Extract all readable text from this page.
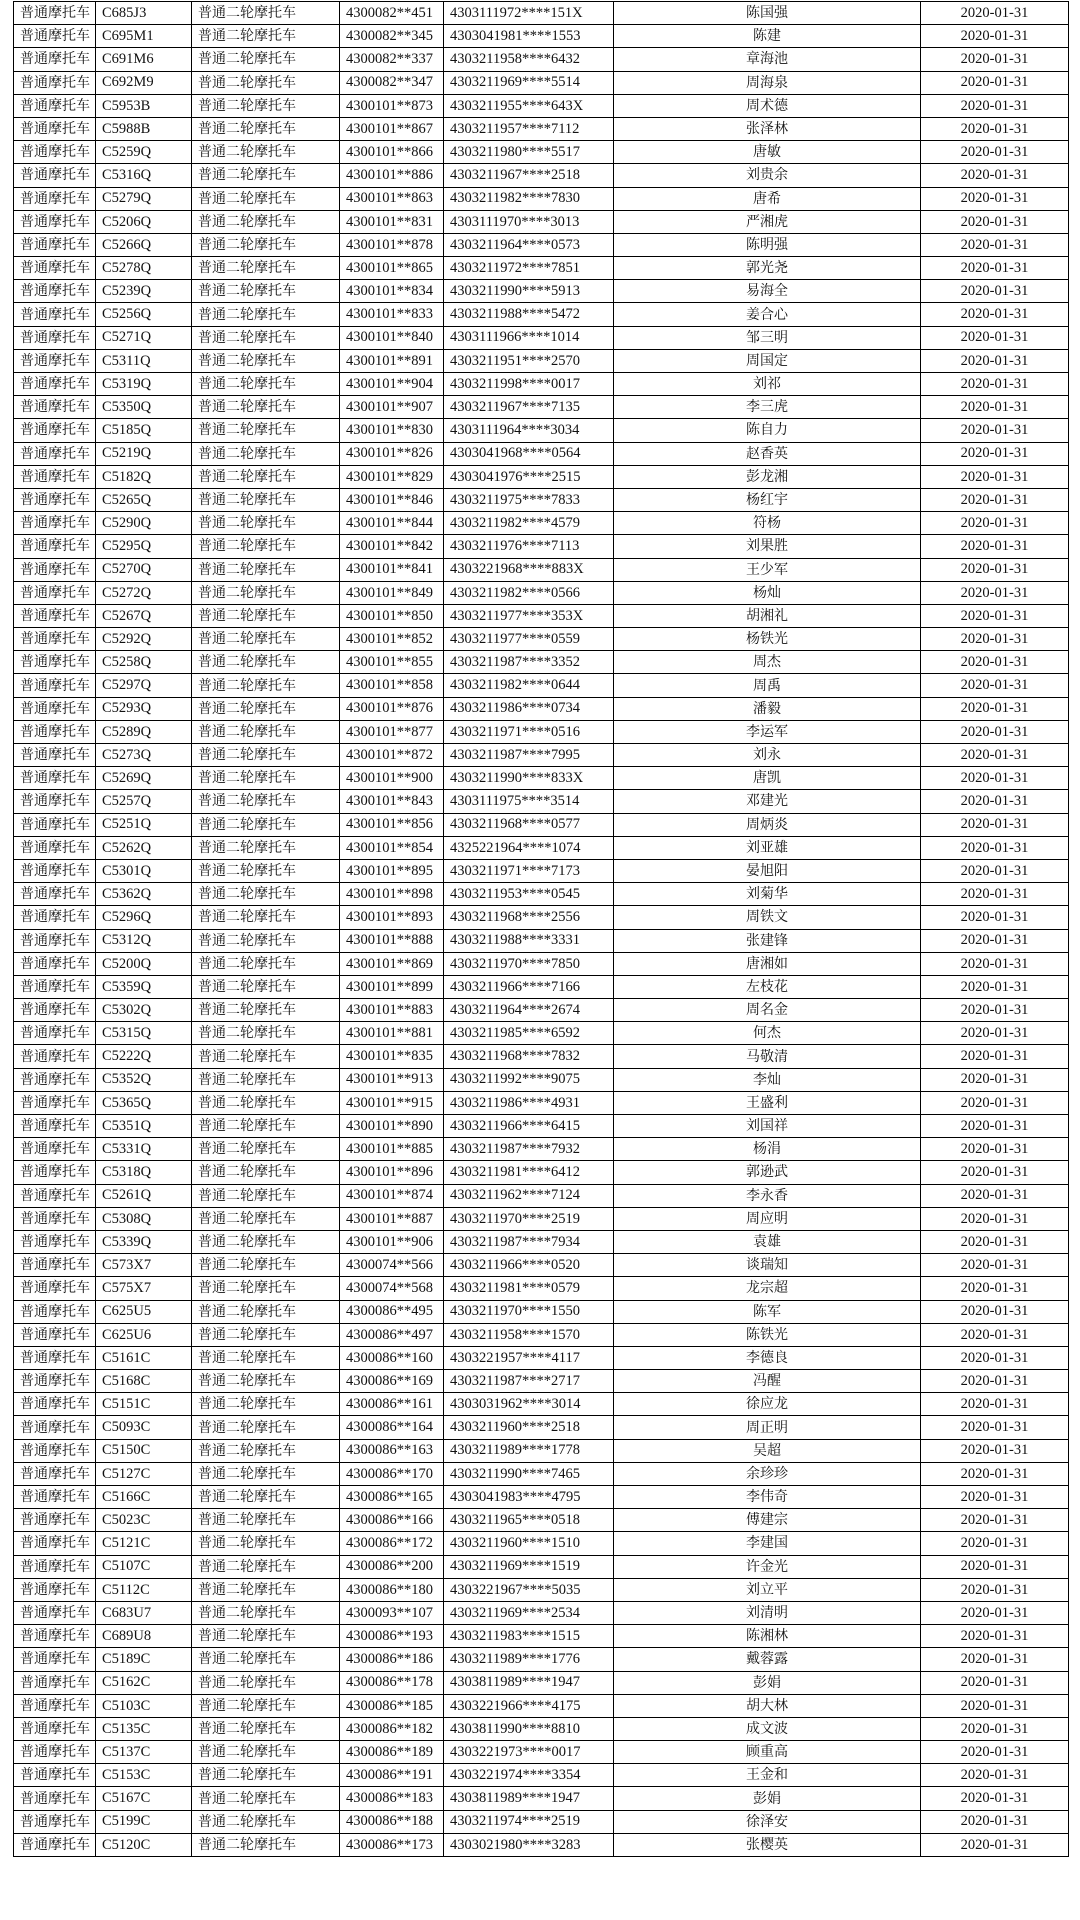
普通摩托车	C685J3	普通二轮摩托车	4300082**451	4303111972****151X	陈国强	2020-01-31
普通摩托车	C695M1	普通二轮摩托车	4300082**345	4303041981****1553	陈建	2020-01-31
普通摩托车	C691M6	普通二轮摩托车	4300082**337	4303211958****6432	章海池	2020-01-31
普通摩托车	C692M9	普通二轮摩托车	4300082**347	4303211969****5514	周海泉	2020-01-31
普通摩托车	C5953B	普通二轮摩托车	4300101**873	4303211955****643X	周术德	2020-01-31
普通摩托车	C5988B	普通二轮摩托车	4300101**867	4303211957****7112	张泽林	2020-01-31
普通摩托车	C5259Q	普通二轮摩托车	4300101**866	4303211980****5517	唐敏	2020-01-31
普通摩托车	C5316Q	普通二轮摩托车	4300101**886	4303211967****2518	刘贵余	2020-01-31
普通摩托车	C5279Q	普通二轮摩托车	4300101**863	4303211982****7830	唐希	2020-01-31
普通摩托车	C5206Q	普通二轮摩托车	4300101**831	4303111970****3013	严湘虎	2020-01-31
普通摩托车	C5266Q	普通二轮摩托车	4300101**878	4303211964****0573	陈明强	2020-01-31
普通摩托车	C5278Q	普通二轮摩托车	4300101**865	4303211972****7851	郭光尧	2020-01-31
普通摩托车	C5239Q	普通二轮摩托车	4300101**834	4303211990****5913	易海全	2020-01-31
普通摩托车	C5256Q	普通二轮摩托车	4300101**833	4303211988****5472	姜合心	2020-01-31
普通摩托车	C5271Q	普通二轮摩托车	4300101**840	4303111966****1014	邹三明	2020-01-31
普通摩托车	C5311Q	普通二轮摩托车	4300101**891	4303211951****2570	周国定	2020-01-31
普通摩托车	C5319Q	普通二轮摩托车	4300101**904	4303211998****0017	刘祁	2020-01-31
普通摩托车	C5350Q	普通二轮摩托车	4300101**907	4303211967****7135	李三虎	2020-01-31
普通摩托车	C5185Q	普通二轮摩托车	4300101**830	4303111964****3034	陈自力	2020-01-31
普通摩托车	C5219Q	普通二轮摩托车	4300101**826	4303041968****0564	赵香英	2020-01-31
普通摩托车	C5182Q	普通二轮摩托车	4300101**829	4303041976****2515	彭龙湘	2020-01-31
普通摩托车	C5265Q	普通二轮摩托车	4300101**846	4303211975****7833	杨红宇	2020-01-31
普通摩托车	C5290Q	普通二轮摩托车	4300101**844	4303211982****4579	符杨	2020-01-31
普通摩托车	C5295Q	普通二轮摩托车	4300101**842	4303211976****7113	刘果胜	2020-01-31
普通摩托车	C5270Q	普通二轮摩托车	4300101**841	4303221968****883X	王少军	2020-01-31
普通摩托车	C5272Q	普通二轮摩托车	4300101**849	4303211982****0566	杨灿	2020-01-31
普通摩托车	C5267Q	普通二轮摩托车	4300101**850	4303211977****353X	胡湘礼	2020-01-31
普通摩托车	C5292Q	普通二轮摩托车	4300101**852	4303211977****0559	杨铁光	2020-01-31
普通摩托车	C5258Q	普通二轮摩托车	4300101**855	4303211987****3352	周杰	2020-01-31
普通摩托车	C5297Q	普通二轮摩托车	4300101**858	4303211982****0644	周禹	2020-01-31
普通摩托车	C5293Q	普通二轮摩托车	4300101**876	4303211986****0734	潘毅	2020-01-31
普通摩托车	C5289Q	普通二轮摩托车	4300101**877	4303211971****0516	李运军	2020-01-31
普通摩托车	C5273Q	普通二轮摩托车	4300101**872	4303211987****7995	刘永	2020-01-31
普通摩托车	C5269Q	普通二轮摩托车	4300101**900	4303211990****833X	唐凯	2020-01-31
普通摩托车	C5257Q	普通二轮摩托车	4300101**843	4303111975****3514	邓建光	2020-01-31
普通摩托车	C5251Q	普通二轮摩托车	4300101**856	4303211968****0577	周炳炎	2020-01-31
普通摩托车	C5262Q	普通二轮摩托车	4300101**854	4325221964****1074	刘亚雄	2020-01-31
普通摩托车	C5301Q	普通二轮摩托车	4300101**895	4303211971****7173	晏旭阳	2020-01-31
普通摩托车	C5362Q	普通二轮摩托车	4300101**898	4303211953****0545	刘菊华	2020-01-31
普通摩托车	C5296Q	普通二轮摩托车	4300101**893	4303211968****2556	周铁文	2020-01-31
普通摩托车	C5312Q	普通二轮摩托车	4300101**888	4303211988****3331	张建锋	2020-01-31
普通摩托车	C5200Q	普通二轮摩托车	4300101**869	4303211970****7850	唐湘如	2020-01-31
普通摩托车	C5359Q	普通二轮摩托车	4300101**899	4303211966****7166	左枝花	2020-01-31
普通摩托车	C5302Q	普通二轮摩托车	4300101**883	4303211964****2674	周名金	2020-01-31
普通摩托车	C5315Q	普通二轮摩托车	4300101**881	4303211985****6592	何杰	2020-01-31
普通摩托车	C5222Q	普通二轮摩托车	4300101**835	4303211968****7832	马敬清	2020-01-31
普通摩托车	C5352Q	普通二轮摩托车	4300101**913	4303211992****9075	李灿	2020-01-31
普通摩托车	C5365Q	普通二轮摩托车	4300101**915	4303211986****4931	王盛利	2020-01-31
普通摩托车	C5351Q	普通二轮摩托车	4300101**890	4303211966****6415	刘国祥	2020-01-31
普通摩托车	C5331Q	普通二轮摩托车	4300101**885	4303211987****7932	杨涓	2020-01-31
普通摩托车	C5318Q	普通二轮摩托车	4300101**896	4303211981****6412	郭逊武	2020-01-31
普通摩托车	C5261Q	普通二轮摩托车	4300101**874	4303211962****7124	李永香	2020-01-31
普通摩托车	C5308Q	普通二轮摩托车	4300101**887	4303211970****2519	周应明	2020-01-31
普通摩托车	C5339Q	普通二轮摩托车	4300101**906	4303211987****7934	袁雄	2020-01-31
普通摩托车	C573X7	普通二轮摩托车	4300074**566	4303211966****0520	谈瑞知	2020-01-31
普通摩托车	C575X7	普通二轮摩托车	4300074**568	4303211981****0579	龙宗超	2020-01-31
普通摩托车	C625U5	普通二轮摩托车	4300086**495	4303211970****1550	陈军	2020-01-31
普通摩托车	C625U6	普通二轮摩托车	4300086**497	4303211958****1570	陈铁光	2020-01-31
普通摩托车	C5161C	普通二轮摩托车	4300086**160	4303221957****4117	李德良	2020-01-31
普通摩托车	C5168C	普通二轮摩托车	4300086**169	4303211987****2717	冯醒	2020-01-31
普通摩托车	C5151C	普通二轮摩托车	4300086**161	4303031962****3014	徐应龙	2020-01-31
普通摩托车	C5093C	普通二轮摩托车	4300086**164	4303211960****2518	周正明	2020-01-31
普通摩托车	C5150C	普通二轮摩托车	4300086**163	4303211989****1778	吴超	2020-01-31
普通摩托车	C5127C	普通二轮摩托车	4300086**170	4303211990****7465	余珍珍	2020-01-31
普通摩托车	C5166C	普通二轮摩托车	4300086**165	4303041983****4795	李伟奇	2020-01-31
普通摩托车	C5023C	普通二轮摩托车	4300086**166	4303211965****0518	傅建宗	2020-01-31
普通摩托车	C5121C	普通二轮摩托车	4300086**172	4303211960****1510	李建国	2020-01-31
普通摩托车	C5107C	普通二轮摩托车	4300086**200	4303211969****1519	许金光	2020-01-31
普通摩托车	C5112C	普通二轮摩托车	4300086**180	4303221967****5035	刘立平	2020-01-31
普通摩托车	C683U7	普通二轮摩托车	4300093**107	4303211969****2534	刘清明	2020-01-31
普通摩托车	C689U8	普通二轮摩托车	4300086**193	4303211983****1515	陈湘林	2020-01-31
普通摩托车	C5189C	普通二轮摩托车	4300086**186	4303211989****1776	戴蓉露	2020-01-31
普通摩托车	C5162C	普通二轮摩托车	4300086**178	4303811989****1947	彭娟	2020-01-31
普通摩托车	C5103C	普通二轮摩托车	4300086**185	4303221966****4175	胡大林	2020-01-31
普通摩托车	C5135C	普通二轮摩托车	4300086**182	4303811990****8810	成文波	2020-01-31
普通摩托车	C5137C	普通二轮摩托车	4300086**189	4303221973****0017	顾重高	2020-01-31
普通摩托车	C5153C	普通二轮摩托车	4300086**191	4303221974****3354	王金和	2020-01-31
普通摩托车	C5167C	普通二轮摩托车	4300086**183	4303811989****1947	彭娟	2020-01-31
普通摩托车	C5199C	普通二轮摩托车	4300086**188	4303211974****2519	徐泽安	2020-01-31
普通摩托车	C5120C	普通二轮摩托车	4300086**173	4303021980****3283	张樱英	2020-01-31
